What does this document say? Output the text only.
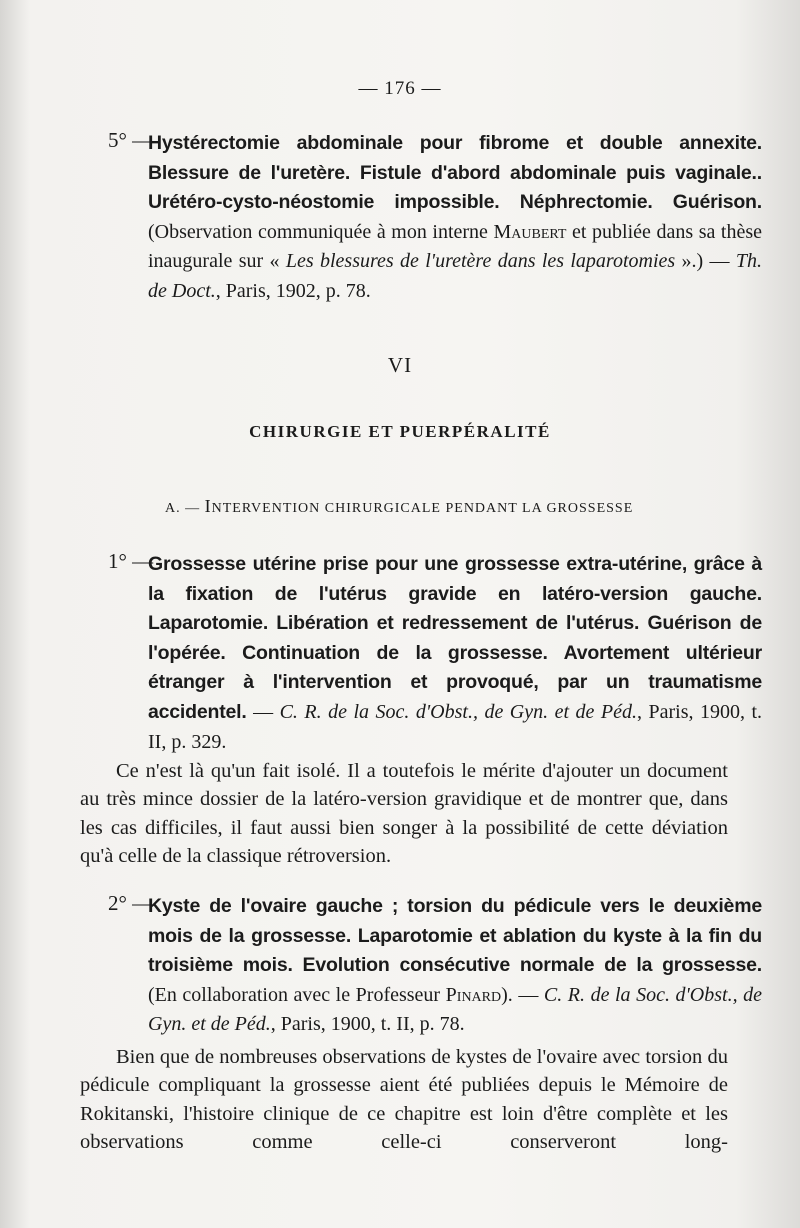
— 176 —
5° —
Hystérectomie abdominale pour fibrome et double annexite. Blessure de l'uretère. Fistule d'abord abdominale puis vaginale.. Urétéro-cysto-néostomie impossible. Néphrectomie. Guérison. (Observation communiquée à mon interne Maubert et publiée dans sa thèse inaugurale sur « Les blessures de l'uretère dans les laparotomies ».) — Th. de Doct., Paris, 1902, p. 78.
VI
CHIRURGIE ET PUERPÉRALITÉ
A. — INTERVENTION CHIRURGICALE PENDANT LA GROSSESSE
1° —
Grossesse utérine prise pour une grossesse extra-utérine, grâce à la fixation de l'utérus gravide en latéro-version gauche. Laparotomie. Libération et redressement de l'utérus. Guérison de l'opérée. Continuation de la grossesse. Avortement ultérieur étranger à l'intervention et provoqué, par un traumatisme accidentel. — C. R. de la Soc. d'Obst., de Gyn. et de Péd., Paris, 1900, t. II, p. 329.
Ce n'est là qu'un fait isolé. Il a toutefois le mérite d'ajouter un document au très mince dossier de la latéro-version gravidique et de montrer que, dans les cas difficiles, il faut aussi bien songer à la possibilité de cette déviation qu'à celle de la classique rétroversion.
2° —
Kyste de l'ovaire gauche ; torsion du pédicule vers le deuxième mois de la grossesse. Laparotomie et ablation du kyste à la fin du troisième mois. Evolution consécutive normale de la grossesse. (En collaboration avec le Professeur Pinard). — C. R. de la Soc. d'Obst., de Gyn. et de Péd., Paris, 1900, t. II, p. 78.
Bien que de nombreuses observations de kystes de l'ovaire avec torsion du pédicule compliquant la grossesse aient été publiées depuis le Mémoire de Rokitanski, l'histoire clinique de ce chapitre est loin d'être complète et les observations comme celle-ci conserveront long-
